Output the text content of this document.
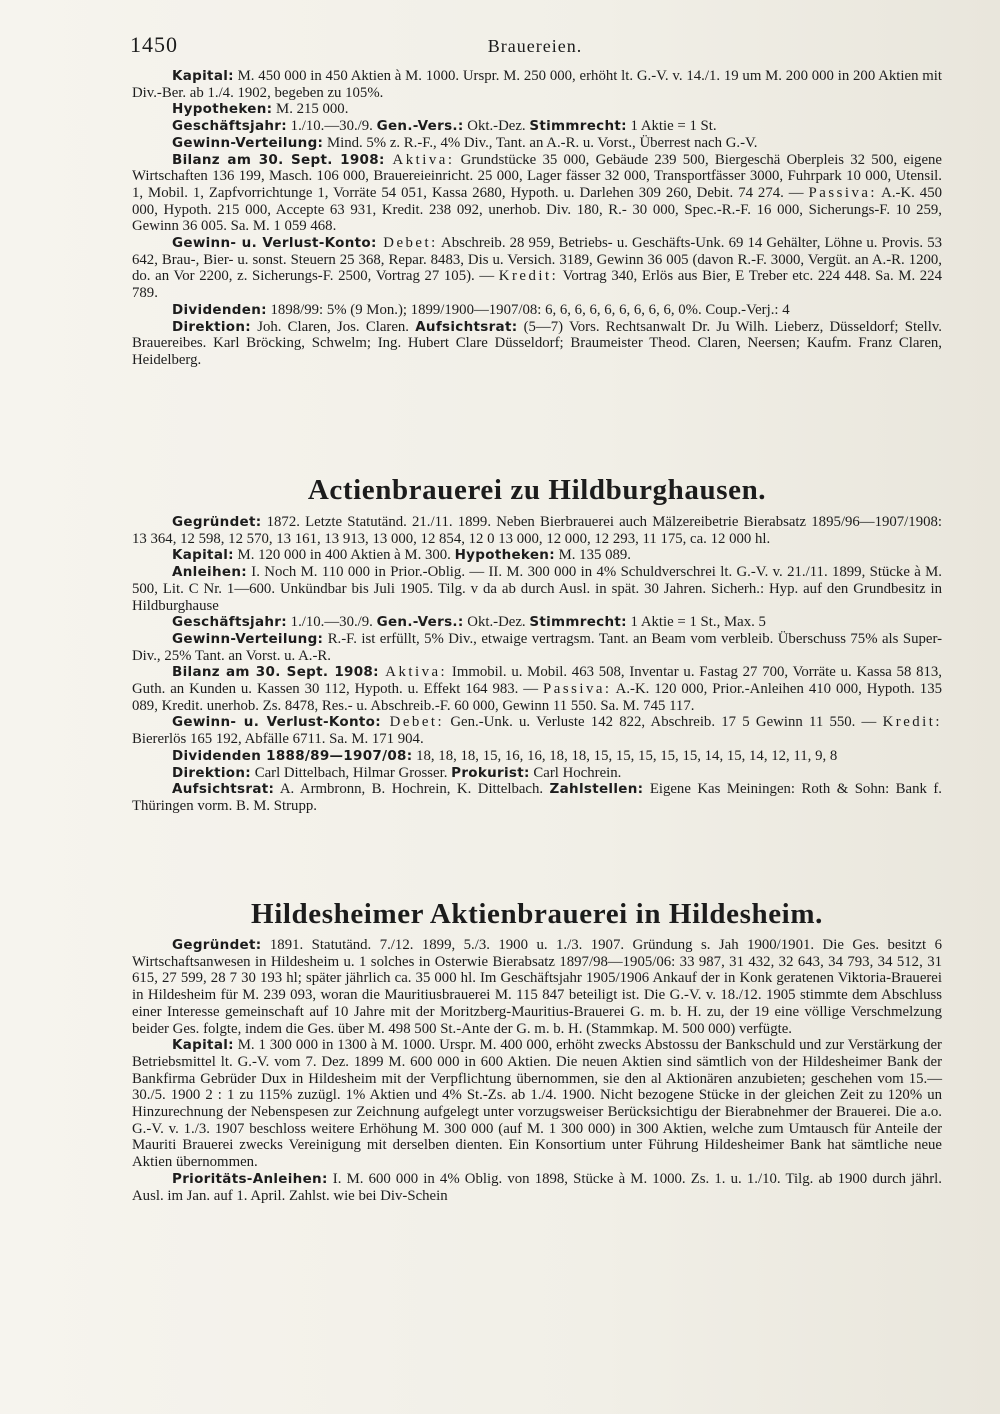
1450	Brauereien.

Kapital: M. 450 000 in 450 Aktien à M. 1000. Urspr. M. 250 000, erhöht lt. G.-V. v. 14./1. 19 um M. 200 000 in 200 Aktien mit Div.-Ber. ab 1./4. 1902, begeben zu 105%.

Hypotheken: M. 215 000.

Geschäftsjahr: 1./10.—30./9. Gen.-Vers.: Okt.-Dez. Stimmrecht: 1 Aktie = 1 St.

Gewinn-Verteilung: Mind. 5% z. R.-F., 4% Div., Tant. an A.-R. u. Vorst., Überrest nach G.-V.

Bilanz am 30. Sept. 1908: Aktiva: Grundstücke 35 000, Gebäude 239 500, Biergeschä Oberpleis 32 500, eigene Wirtschaften 136 199, Masch. 106 000, Brauereieinricht. 25 000, Lager fässer 32 000, Transportfässer 3000, Fuhrpark 10 000, Utensil. 1, Mobil. 1, Zapfvorrichtunge 1, Vorräte 54 051, Kassa 2680, Hypoth. u. Darlehen 309 260, Debit. 74 274. — Passiva: A.-K. 450 000, Hypoth. 215 000, Accepte 63 931, Kredit. 238 092, unerhob. Div. 180, R.- 30 000, Spec.-R.-F. 16 000, Sicherungs-F. 10 259, Gewinn 36 005. Sa. M. 1 059 468.

Gewinn- u. Verlust-Konto: Debet: Abschreib. 28 959, Betriebs- u. Geschäfts-Unk. 69 14 Gehälter, Löhne u. Provis. 53 642, Brau-, Bier- u. sonst. Steuern 25 368, Repar. 8483, Dis u. Versich. 3189, Gewinn 36 005 (davon R.-F. 3000, Vergüt. an A.-R. 1200, do. an Vor 2200, z. Sicherungs-F. 2500, Vortrag 27 105). — Kredit: Vortrag 340, Erlös aus Bier, E Treber etc. 224 448. Sa. M. 224 789.

Dividenden: 1898/99: 5% (9 Mon.); 1899/1900—1907/08: 6, 6, 6, 6, 6, 6, 6, 6, 6, 0%. Coup.-Verj.: 4

Direktion: Joh. Claren, Jos. Claren. Aufsichtsrat: (5—7) Vors. Rechtsanwalt Dr. Ju Wilh. Lieberz, Düsseldorf; Stellv. Brauereibes. Karl Bröcking, Schwelm; Ing. Hubert Clare Düsseldorf; Braumeister Theod. Claren, Neersen; Kaufm. Franz Claren, Heidelberg.

Actienbrauerei zu Hildburghausen.

Gegründet: 1872. Letzte Statutänd. 21./11. 1899. Neben Bierbrauerei auch Mälzereibetrie Bierabsatz 1895/96—1907/1908: 13 364, 12 598, 12 570, 13 161, 13 913, 13 000, 12 854, 12 0 13 000, 12 000, 12 293, 11 175, ca. 12 000 hl.

Kapital: M. 120 000 in 400 Aktien à M. 300. Hypotheken: M. 135 089.

Anleihen: I. Noch M. 110 000 in Prior.-Oblig. — II. M. 300 000 in 4% Schuldverschrei lt. G.-V. v. 21./11. 1899, Stücke à M. 500, Lit. C Nr. 1—600. Unkündbar bis Juli 1905. Tilg. v da ab durch Ausl. in spät. 30 Jahren. Sicherh.: Hyp. auf den Grundbesitz in Hildburghause

Geschäftsjahr: 1./10.—30./9. Gen.-Vers.: Okt.-Dez. Stimmrecht: 1 Aktie = 1 St., Max. 5

Gewinn-Verteilung: R.-F. ist erfüllt, 5% Div., etwaige vertragsm. Tant. an Beam vom verbleib. Überschuss 75% als Super-Div., 25% Tant. an Vorst. u. A.-R.

Bilanz am 30. Sept. 1908: Aktiva: Immobil. u. Mobil. 463 508, Inventar u. Fastag 27 700, Vorräte u. Kassa 58 813, Guth. an Kunden u. Kassen 30 112, Hypoth. u. Effekt 164 983. — Passiva: A.-K. 120 000, Prior.-Anleihen 410 000, Hypoth. 135 089, Kredit. unerhob. Zs. 8478, Res.- u. Abschreib.-F. 60 000, Gewinn 11 550. Sa. M. 745 117.

Gewinn- u. Verlust-Konto: Debet: Gen.-Unk. u. Verluste 142 822, Abschreib. 17 5 Gewinn 11 550. — Kredit: Biererlös 165 192, Abfälle 6711. Sa. M. 171 904.

Dividenden 1888/89—1907/08: 18, 18, 18, 15, 16, 16, 18, 18, 15, 15, 15, 15, 15, 14, 15, 14, 12, 11, 9, 8

Direktion: Carl Dittelbach, Hilmar Grosser. Prokurist: Carl Hochrein.

Aufsichtsrat: A. Armbronn, B. Hochrein, K. Dittelbach. Zahlstellen: Eigene Kas Meiningen: Roth & Sohn: Bank f. Thüringen vorm. B. M. Strupp.

Hildesheimer Aktienbrauerei in Hildesheim.

Gegründet: 1891. Statutänd. 7./12. 1899, 5./3. 1900 u. 1./3. 1907. Gründung s. Jah 1900/1901. Die Ges. besitzt 6 Wirtschaftsanwesen in Hildesheim u. 1 solches in Osterwie Bierabsatz 1897/98—1905/06: 33 987, 31 432, 32 643, 34 793, 34 512, 31 615, 27 599, 28 7 30 193 hl; später jährlich ca. 35 000 hl. Im Geschäftsjahr 1905/1906 Ankauf der in Konk geratenen Viktoria-Brauerei in Hildesheim für M. 239 093, woran die Mauritiusbrauerei M. 115 847 beteiligt ist. Die G.-V. v. 18./12. 1905 stimmte dem Abschluss einer Interesse gemeinschaft auf 10 Jahre mit der Moritzberg-Mauritius-Brauerei G. m. b. H. zu, der 19 eine völlige Verschmelzung beider Ges. folgte, indem die Ges. über M. 498 500 St.-Ante der G. m. b. H. (Stammkap. M. 500 000) verfügte.

Kapital: M. 1 300 000 in 1300 à M. 1000. Urspr. M. 400 000, erhöht zwecks Abstossu der Bankschuld und zur Verstärkung der Betriebsmittel lt. G.-V. vom 7. Dez. 1899 M. 600 000 in 600 Aktien. Die neuen Aktien sind sämtlich von der Hildesheimer Bank der Bankfirma Gebrüder Dux in Hildesheim mit der Verpflichtung übernommen, sie den al Aktionären anzubieten; geschehen vom 15.—30./5. 1900 2 : 1 zu 115% zuzügl. 1% Aktien und 4% St.-Zs. ab 1./4. 1900. Nicht bezogene Stücke in der gleichen Zeit zu 120% un Hinzurechnung der Nebenspesen zur Zeichnung aufgelegt unter vorzugsweiser Berücksichtigu der Bierabnehmer der Brauerei. Die a.o. G.-V. v. 1./3. 1907 beschloss weitere Erhöhung M. 300 000 (auf M. 1 300 000) in 300 Aktien, welche zum Umtausch für Anteile der Mauriti Brauerei zwecks Vereinigung mit derselben dienten. Ein Konsortium unter Führung Hildesheimer Bank hat sämtliche neue Aktien übernommen.

Prioritäts-Anleihen: I. M. 600 000 in 4% Oblig. von 1898, Stücke à M. 1000. Zs. 1. u. 1./10. Tilg. ab 1900 durch jährl. Ausl. im Jan. auf 1. April. Zahlst. wie bei Div-Schein
